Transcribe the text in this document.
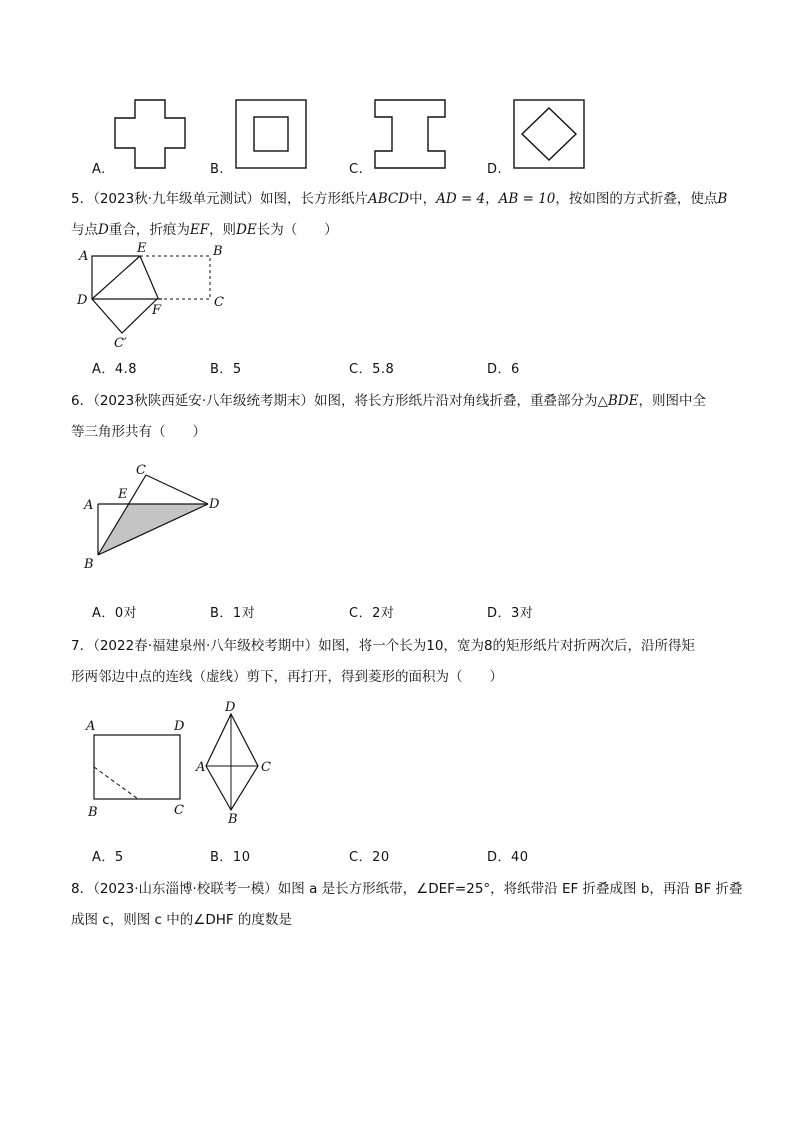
A.	B.	C.	D.
5．（2023秋·九年级单元测试）如图，长方形纸片ABCD中，AD = 4，AB = 10，按如图的方式折叠，使点B
与点D重合，折痕为EF，则DE长为（　　）
A
E	B
D	C
F
C′
A．4.8	B．5	C．5.8	D．6
6．（2023秋陕西延安·八年级统考期末）如图，将长方形纸片沿对角线折叠，重叠部分为△BDE，则图中全
等三角形共有（　　）
C
A
E
D
B
A．0对	B．1对	C．2对	D．3对
7．（2022春·福建泉州·八年级校考期中）如图，将一个长为10，宽为8的矩形纸片对折两次后，沿所得矩
形两邻边中点的连线（虚线）剪下，再打开，得到菱形的面积为（　　）
A	D
B	C
D
A	C
B
A．5	B．10	C．20	D．40
8．（2023·山东淄博·校联考一模）如图 a 是长方形纸带，∠DEF=25°，将纸带沿 EF 折叠成图 b，再沿 BF 折叠
成图 c，则图 c 中的∠DHF 的度数是
